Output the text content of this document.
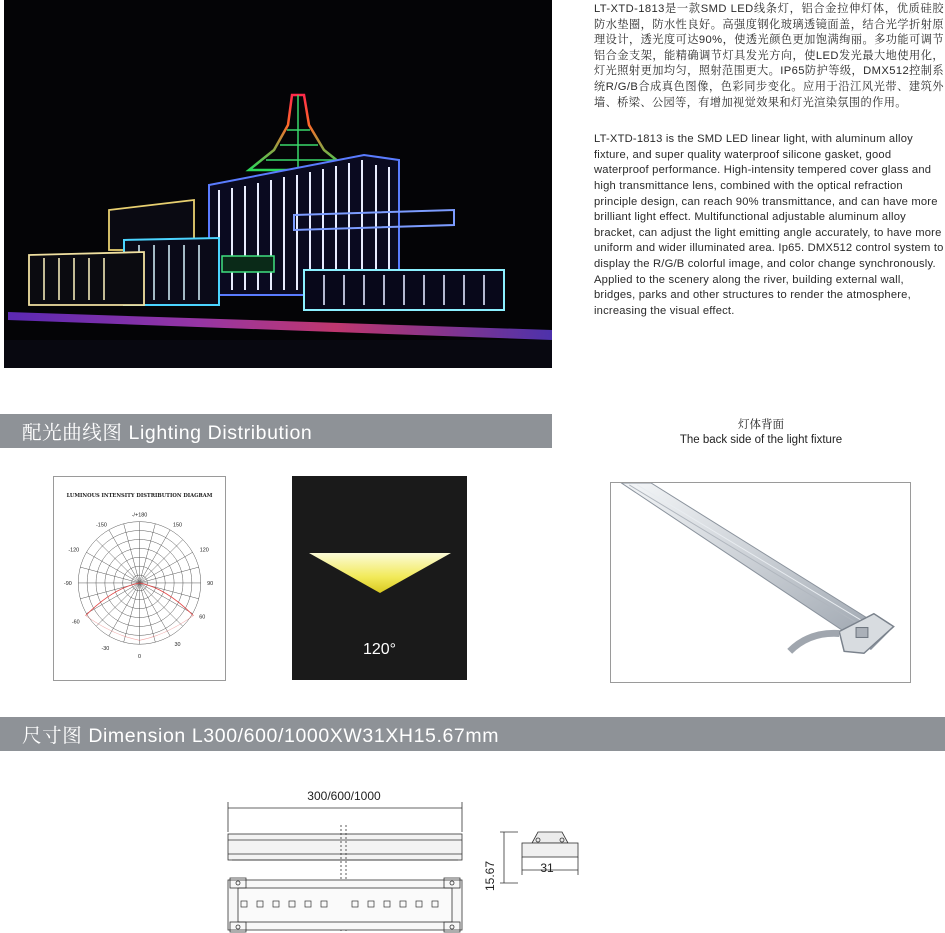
LT-XTD-1813是一款SMD LED线条灯，铝合金拉伸灯体，优质硅胶防水垫圈，防水性良好。高强度钢化玻璃透镜面盖，结合光学折射原理设计，透光度可达90%，使透光颜色更加饱满绚丽。多功能可调节铝合金支架，能精确调节灯具发光方向，使LED发光最大地使用化，灯光照射更加均匀，照射范围更大。IP65防护等级，DMX512控制系统R/G/B合成真色图像，色彩同步变化。应用于沿江风光带、建筑外墙、桥梁、公园等，有增加视觉效果和灯光渲染氛围的作用。

LT-XTD-1813 is the SMD LED linear light, with aluminum alloy fixture, and super quality waterproof silicone gasket, good waterproof performance. High-intensity tempered cover glass and high transmittance lens, combined with the optical refraction principle design, can reach 90% transmittance, and can have more brilliant light effect. Multifunctional adjustable aluminum alloy bracket, can adjust the light emitting angle accurately, to have more uniform and wider illuminated area. Ip65. DMX512 control system to display the R/G/B colorful image, and color change synchronously. Applied to the scenery along the river, building external wall, bridges, parks and other structures to render the atmosphere, increasing the visual effect.

配光曲线图 Lighting Distribution
尺寸图 Dimension L300/600/1000XW31XH15.67mm
灯体背面
The back side of the light fixture
LUMINOUS INTENSITY DISTRIBUTION DIAGRAM
-/+180
-150	150
-120	120
-90	90
-60
60
-30
30
0	120°
300/600/1000
31
15.67
